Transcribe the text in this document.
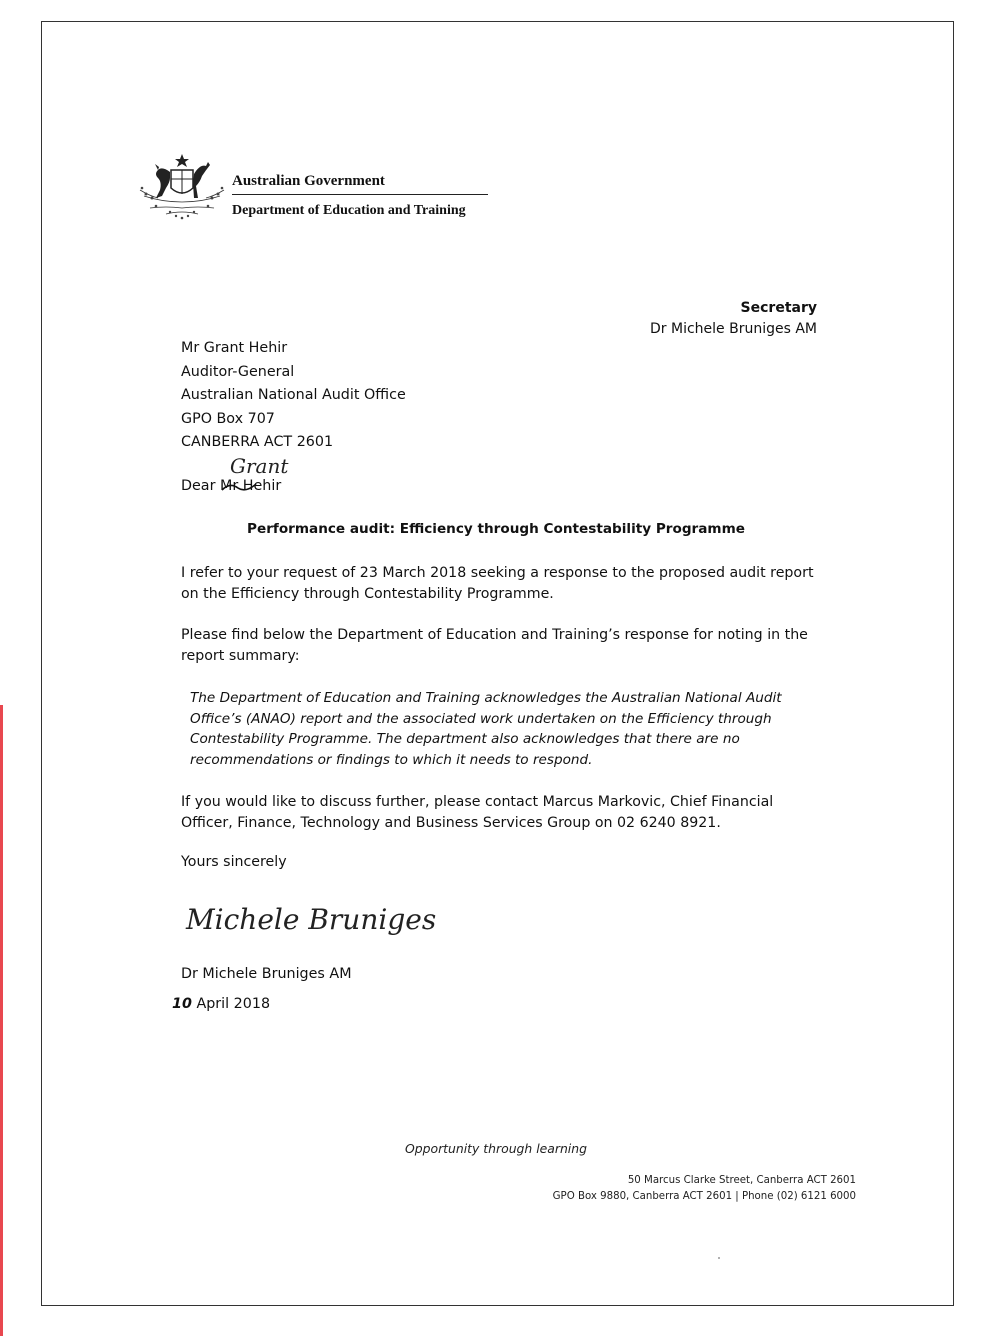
Australian Government
Department of Education and Training
Secretary
Dr Michele Bruniges AM
Mr Grant Hehir
Auditor-General
Australian National Audit Office
GPO Box 707
CANBERRA ACT 2601
Grant
Dear Mr Hehir
Performance audit: Efficiency through Contestability Programme
I refer to your request of 23 March 2018 seeking a response to the proposed audit report on the Efficiency through Contestability Programme.
Please find below the Department of Education and Training’s response for noting in the report summary:
The Department of Education and Training acknowledges the Australian National Audit Office’s (ANAO) report and the associated work undertaken on the Efficiency through Contestability Programme. The department also acknowledges that there are no recommendations or findings to which it needs to respond.
If you would like to discuss further, please contact Marcus Markovic, Chief Financial Officer, Finance, Technology and Business Services Group on 02 6240 8921.
Yours sincerely
Michele Bruniges
Dr Michele Bruniges AM
10 April 2018
Opportunity through learning
50 Marcus Clarke Street, Canberra ACT 2601
GPO Box 9880, Canberra ACT 2601 | Phone (02) 6121 6000
